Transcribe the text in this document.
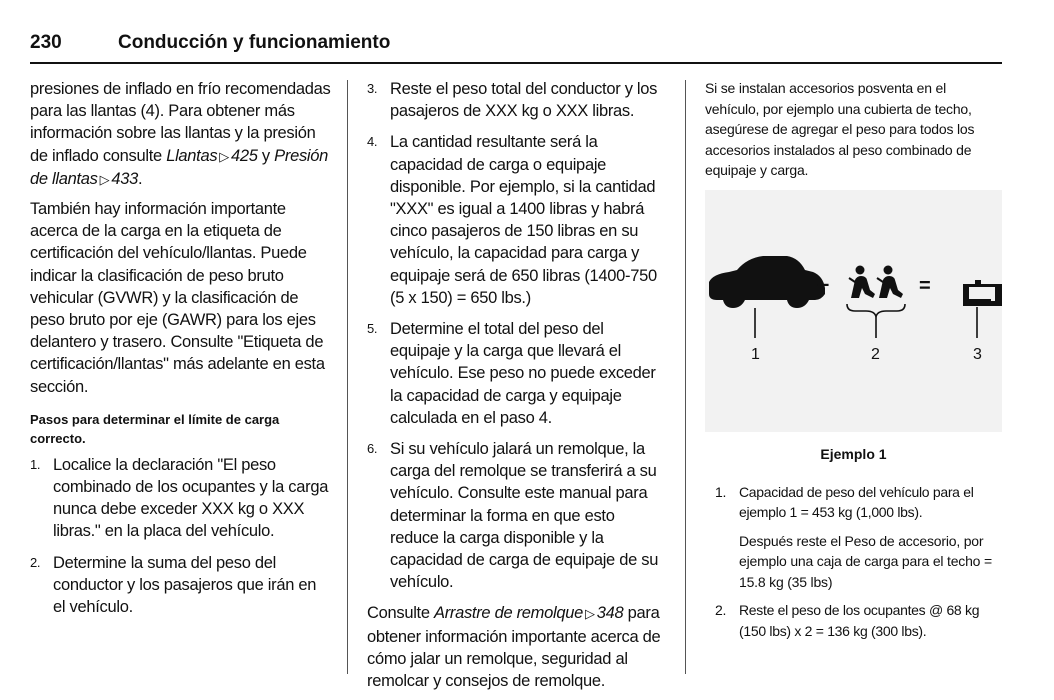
230	Conducción y funcionamiento

presiones de inflado en frío recomendadas para las llantas (4). Para obtener más información sobre las llantas y la presión de inflado consulte Llantas ▷ 425 y Presión de llantas ▷ 433.

También hay información importante acerca de la carga en la etiqueta de certificación del vehículo/llantas. Puede indicar la clasificación de peso bruto vehicular (GVWR) y la clasificación de peso bruto por eje (GAWR) para los ejes delantero y trasero. Consulte "Etiqueta de certificación/llantas" más adelante en esta sección.

Pasos para determinar el límite de carga correcto.
1. Localice la declaración "El peso combinado de los ocupantes y la carga nunca debe exceder XXX kg o XXX libras." en la placa del vehículo.
2. Determine la suma del peso del conductor y los pasajeros que irán en el vehículo.
3. Reste el peso total del conductor y los pasajeros de XXX kg o XXX libras.
4. La cantidad resultante será la capacidad de carga o equipaje disponible. Por ejemplo, si la cantidad "XXX" es igual a 1400 libras y habrá cinco pasajeros de 150 libras en su vehículo, la capacidad para carga y equipaje será de 650 libras (1400-750 (5 x 150) = 650 lbs.)
5. Determine el total del peso del equipaje y la carga que llevará el vehículo. Ese peso no puede exceder la capacidad de carga y equipaje calculada en el paso 4.
6. Si su vehículo jalará un remolque, la carga del remolque se transferirá a su vehículo. Consulte este manual para determinar la forma en que esto reduce la carga disponible y la capacidad de carga de equipaje de su vehículo.

Consulte Arrastre de remolque ▷ 348 para obtener información importante acerca de cómo jalar un remolque, seguridad al remolcar y consejos de remolque.

Si se instalan accesorios posventa en el vehículo, por ejemplo una cubierta de techo, asegúrese de agregar el peso para todos los accesorios instalados al peso combinado de equipaje y carga.

–	=
1	2	3
Ejemplo 1
1. Capacidad de peso del vehículo para el ejemplo 1 = 453 kg (1,000 lbs).

Después reste el Peso de accesorio, por ejemplo una caja de carga para el techo = 15.8 kg (35 lbs)

2. Reste el peso de los ocupantes @ 68 kg (150 lbs) x 2 = 136 kg (300 lbs).
